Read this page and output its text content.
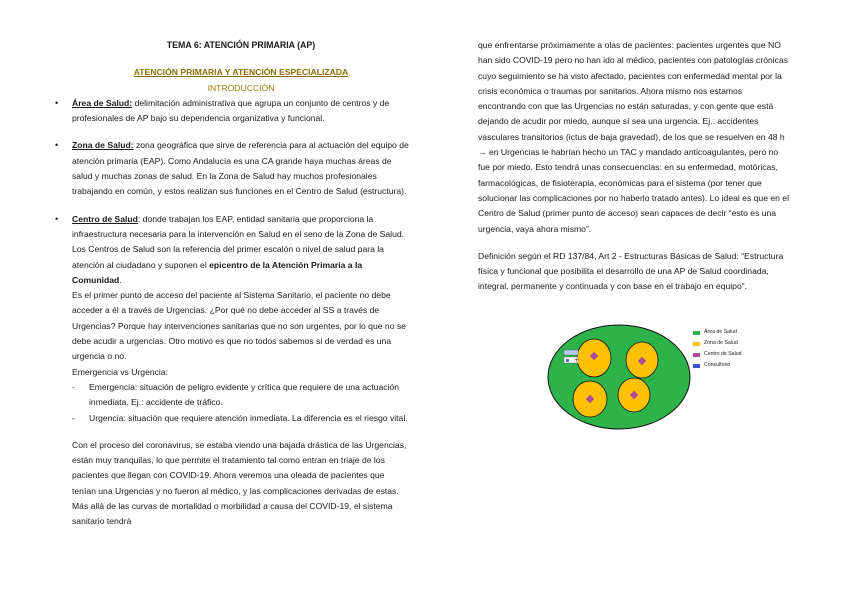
TEMA 6: ATENCIÓN PRIMARIA (AP)

ATENCIÓN PRIMARIA Y ATENCIÓN ESPECIALIZADA

INTRODUCCIÓN

• Área de Salud: delimitación administrativa que agrupa un conjunto de centros y de profesionales de AP bajo su dependencia organizativa y funcional.

• Zona de Salud: zona geográfica que sirve de referencia para al actuación del equipo de atención primaria (EAP). Como Andalucía es una CA grande haya muchas áreas de salud y muchas zonas de salud. En la Zona de Salud hay muchos profesionales trabajando en común, y estos realizan sus funciones en el Centro de Salud (estructura).

• Centro de Salud: donde trabajan los EAP, entidad sanitaria que proporciona la infraestructura necesaria para la intervención en Salud en el seno de la Zona de Salud. Los Centros de Salud son la referencia del primer escalón o nivel de salud para la atención al ciudadano y suponen el epicentro de la Atención Primaria a la Comunidad.

Es el primer punto de acceso del paciente al Sistema Sanitario, el paciente no debe acceder a él a través de Urgencias. ¿Por qué no debe acceder al SS a través de Urgencias? Porque hay intervenciones sanitarias que no son urgentes, por lo que no se debe acudir a urgencias. Otro motivo es que no todos sabemos si de verdad es una urgencia o no.

Emergencia vs Urgencia:

- Emergencia: situación de peligro evidente y crítica que requiere de una actuación inmediata. Ej.: accidente de tráfico.

- Urgencia: situación que requiere atención inmediata. La diferencia es el riesgo vital.

Con el proceso del coronavirus, se estaba viendo una bajada drástica de las Urgencias, están muy tranquilas, lo que permite el tratamiento tal como entran en triaje de los pacientes que llegan con COVID-19. Ahora veremos una oleada de pacientes que tenían una Urgencias y no fueron al médico, y las complicaciones derivadas de estas. Más allá de las curvas de mortalidad o morbilidad a causa del COVID-19, el sistema sanitario tendrá

que enfrentarse próximamente a olas de pacientes: pacientes urgentes que NO han sido COVID-19 pero no han ido al médico, pacientes con patologías crónicas cuyo seguimiento se ha visto afectado, pacientes con enfermedad mental por la crisis económica o traumas por sanitarios. Ahora mismo nos estamos encontrando con que las Urgencias no están saturadas, y con gente que está dejando de acudir por miedo, aunque sí sea una urgencia. Ej.: accidentes vasculares transitorios (ictus de baja gravedad), de los que se resuelven en 48 h → en Urgencias le habrían hecho un TAC y mandado anticoagulantes, pero no fue por miedo. Esto tendrá unas consecuencias: en su enfermedad, motóricas, farmacológicas, de fisioterapia, económicas para el sistema (por tener que solucionar las complicaciones por no haberlo tratado antes). Lo ideal es que en el Centro de Salud (primer punto de acceso) sean capaces de decir “esto es una urgencia, vaya ahora mismo”.

Definición según el RD 137/84, Art 2 - Estructuras Básicas de Salud: “Estructura física y funcional que posibilita el desarrollo de una AP de Salud coordinada, integral, permanente y continuada y con base en el trabajo en equipo”.

+
Área de Salud
Zona de Salud
Centro de Salud
Consultorio
